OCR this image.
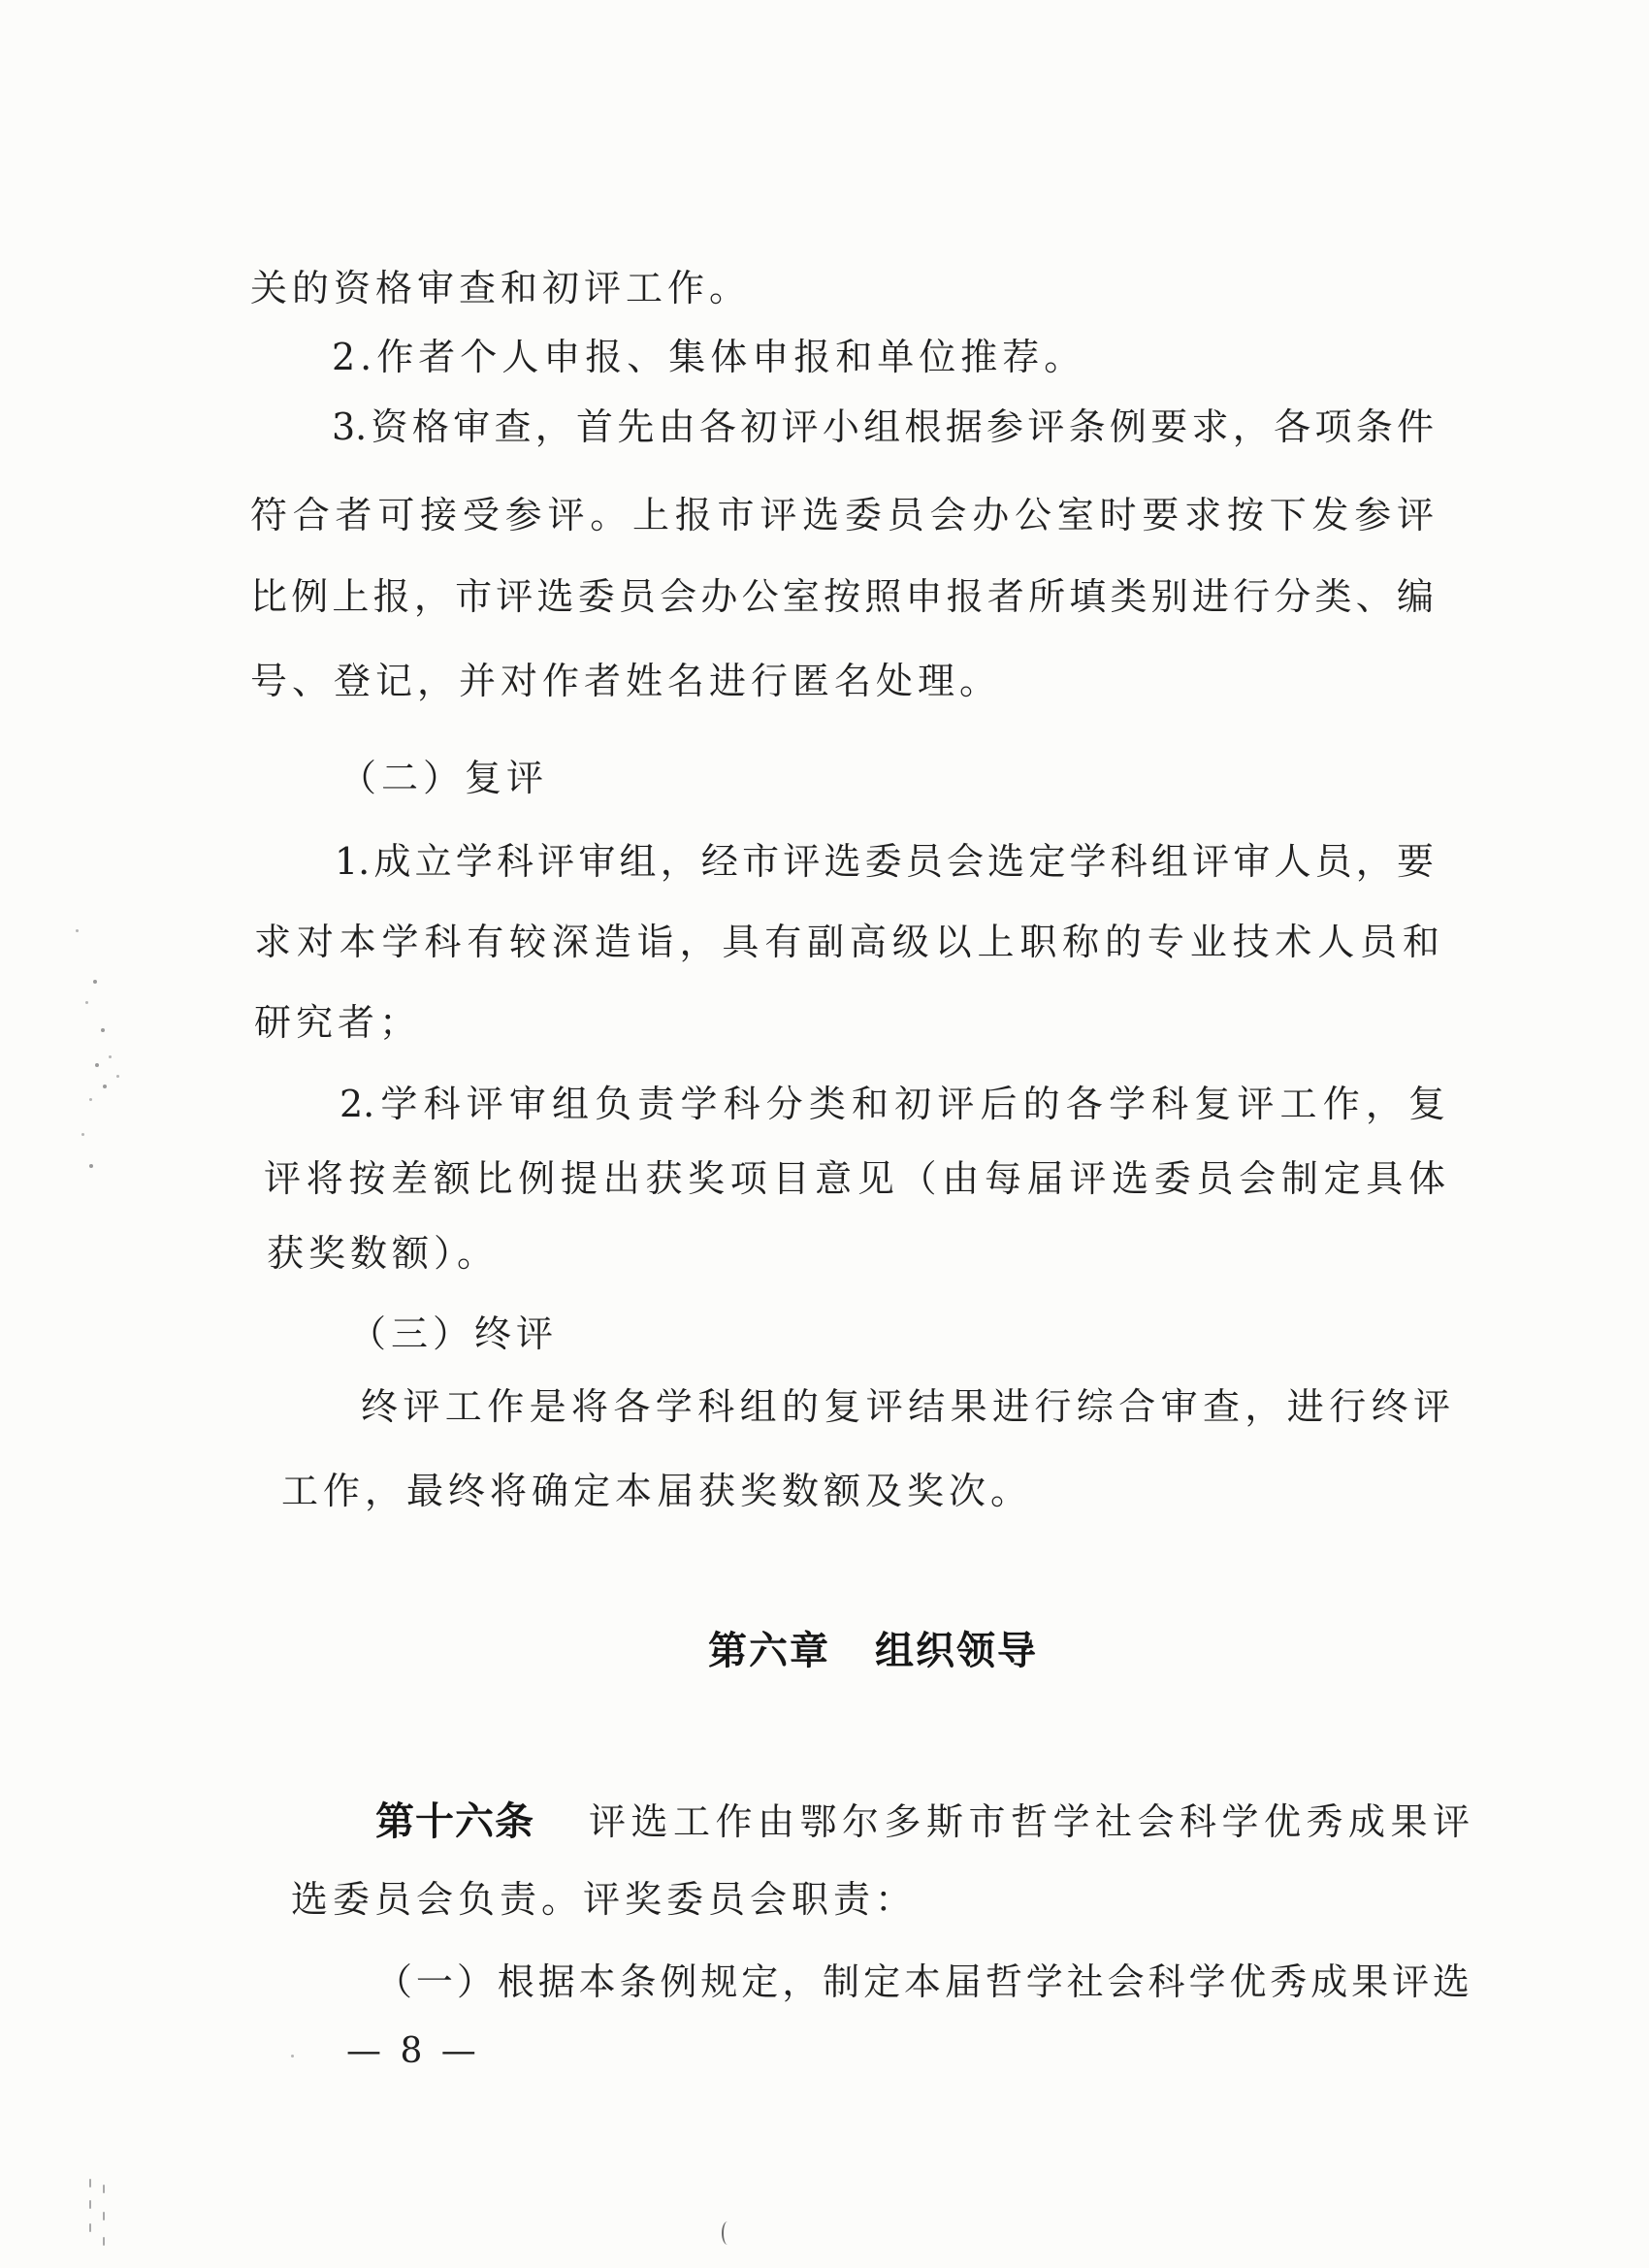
关的资格审查和初评工作。
2.作者个人申报、集体申报和单位推荐。
3.资格审查，首先由各初评小组根据参评条例要求，各项条件
符合者可接受参评。上报市评选委员会办公室时要求按下发参评
比例上报，市评选委员会办公室按照申报者所填类别进行分类、编
号、登记，并对作者姓名进行匿名处理。
（二）复评
1.成立学科评审组，经市评选委员会选定学科组评审人员，要
求对本学科有较深造诣，具有副高级以上职称的专业技术人员和
研究者；
2.学科评审组负责学科分类和初评后的各学科复评工作，复
评将按差额比例提出获奖项目意见（由每届评选委员会制定具体
获奖数额）。
（三）终评
终评工作是将各学科组的复评结果进行综合审查，进行终评
工作，最终将确定本届获奖数额及奖次。
第六章 组织领导
第十六条 评选工作由鄂尔多斯市哲学社会科学优秀成果评
选委员会负责。评奖委员会职责：
（一）根据本条例规定，制定本届哲学社会科学优秀成果评选
— 8 —
